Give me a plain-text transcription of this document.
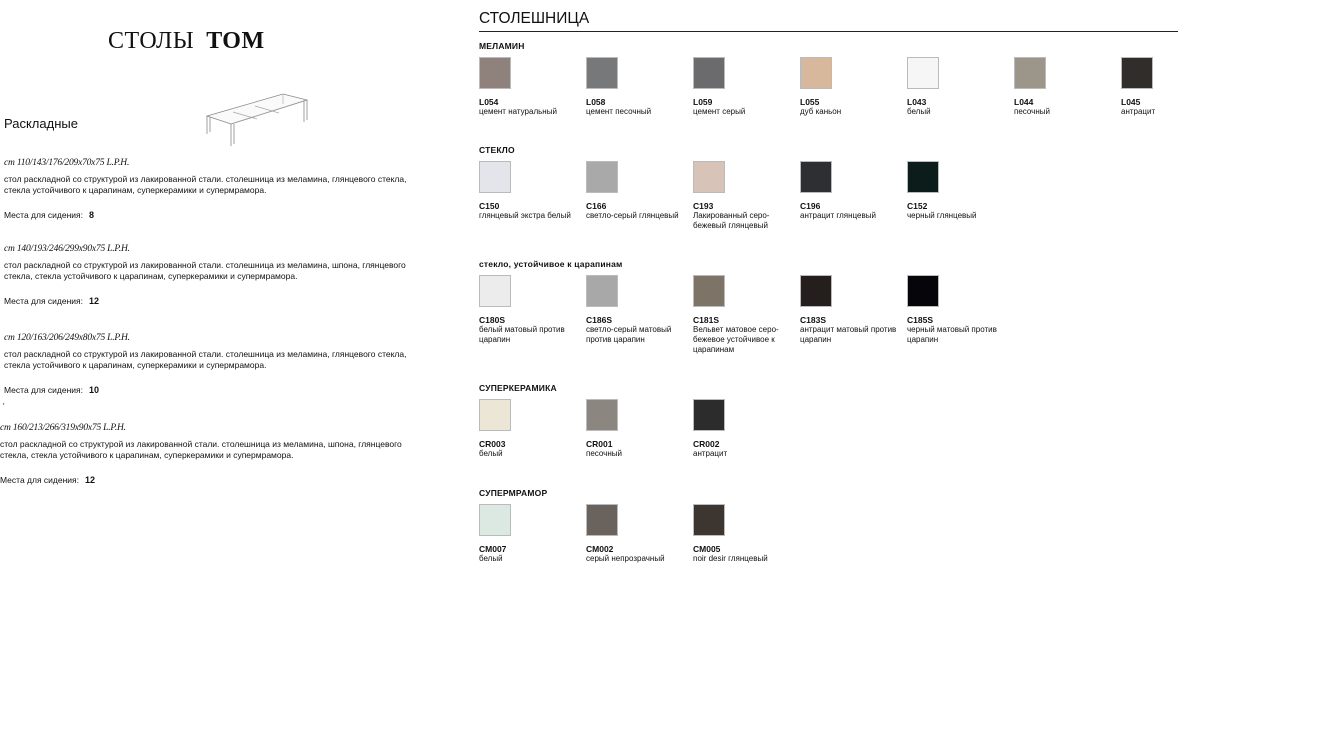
СТОЛЫ TOM
Раскладные
cm 110/143/176/209x70x75 L.P.H.
стол раскладной со структурой из лакированной стали. столешница из меламина, глянцевого стекла, стекла устойчивого к царапинам, суперкерамики и супермрамора.
Места для сидения: 8
cm 140/193/246/299x90x75 L.P.H.
стол раскладной со структурой из лакированной стали. столешница из меламина, шпона, глянцевого стекла, стекла устойчивого к царапинам, суперкерамики и супермрамора.
Места для сидения: 12
cm 120/163/206/249x80x75 L.P.H.
стол раскладной со структурой из лакированной стали. столешница из меламина, глянцевого стекла, стекла устойчивого к царапинам, суперкерамики и супермрамора.
Места для сидения: 10
'
cm 160/213/266/319x90x75 L.P.H.
стол раскладной со структурой из лакированной стали. столешница из меламина, шпона, глянцевого стекла, стекла устойчивого к царапинам, суперкерамики и супермрамора.
Места для сидения: 12
СТОЛЕШНИЦА
МЕЛАМИН
L054
цемент натуральный
L058
цемент песочный
L059
цемент серый
L055
дуб каньон
L043
белый
L044
песочный
L045
антрацит
СТЕКЛО
C150
глянцевый экстра белый
C166
светло-серый глянцевый
C193
Лакированный серо-бежевый глянцевый
C196
антрацит глянцевый
C152
черный глянцевый
стекло, устойчивое к царапинам
C180S
белый матовый против царапин
C186S
светло-серый матовый против царапин
C181S
Вельвет матовое серо-бежевое устойчивое к царапинам
C183S
антрацит матовый против царапин
C185S
черный матовый против царапин
СУПЕРКЕРАМИКА
CR003
белый
CR001
песочный
CR002
антрацит
СУПЕРМРАМОР
CM007
белый
CM002
серый непрозрачный
CM005
noir desir глянцевый
